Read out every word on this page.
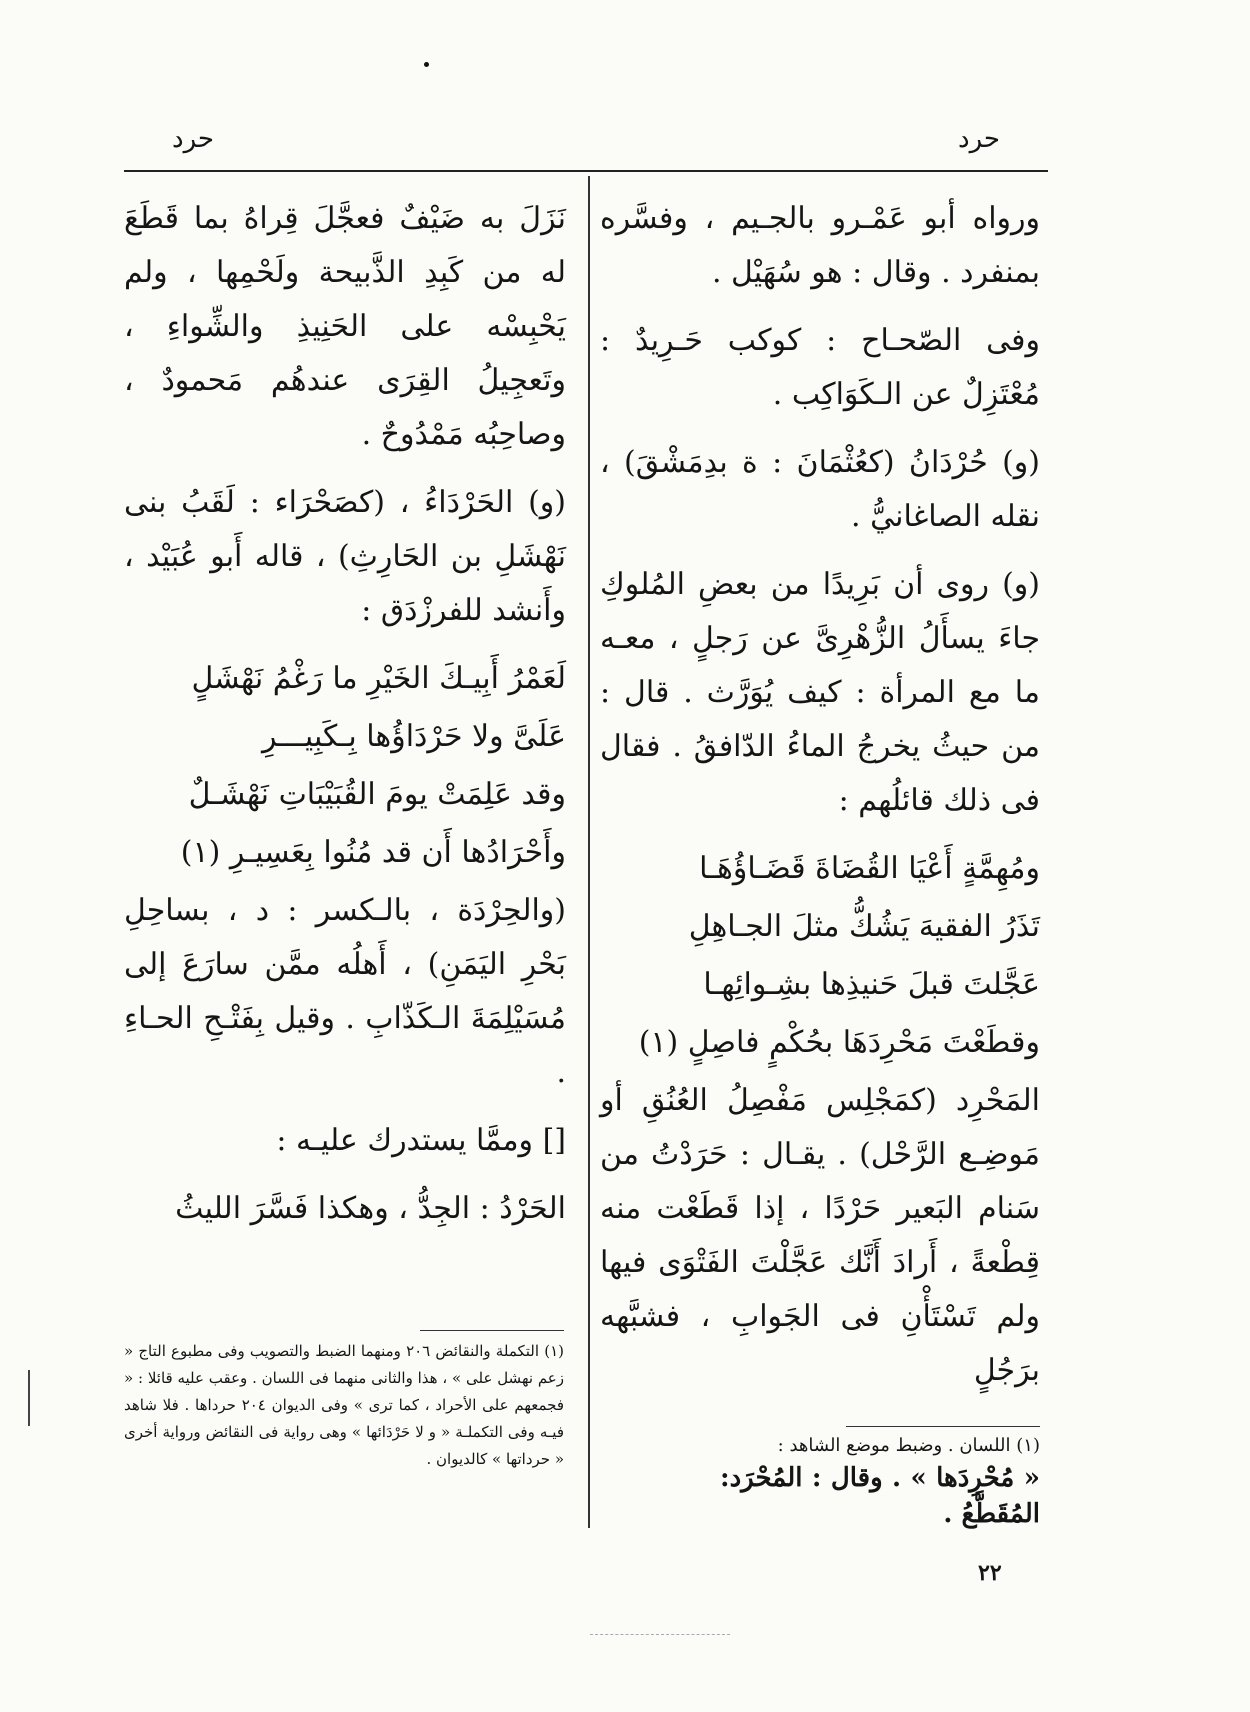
حرد
حرد

ورواه أبو عَمْـرو بالجـيم ، وفسَّره بمنفرد . وقال : هو سُهَيْل .

وفى الصّحـاح : كوكب حَـرِيدٌ : مُعْتَزِلٌ عن الـكَوَاكِب .

(و) حُرْدَانُ (كعُثْمَانَ : ة بدِمَشْقَ) ، نقله الصاغانيُّ .

(و) روى أن بَرِيدًا من بعضِ المُلوكِ جاءَ يسأَلُ الزُّهْرِىَّ عن رَجلٍ ، معـه ما مع المرأة : كيف يُوَرَّث . قال : من حيثُ يخرجُ الماءُ الدّافقُ . فقال فى ذلك قائلُهم :

ومُهِمَّةٍ أَعْيَا القُضَاةَ قَضَـاؤُهَـا

تَذَرُ الفقيهَ يَشُكُّ مثلَ الجـاهِلِ

عَجَّلتَ قبلَ حَنيذِها بشِـوائِهـا

وقطَعْتَ مَحْرِدَهَا بحُكْمٍ فاصِلٍ (١)

المَحْرِد (كمَجْلِس مَفْصِلُ العُنُقِ أو مَوضِـع الرَّحْل) . يقـال : حَرَدْتُ من سَنام البَعير حَرْدًا ، إذا قَطَعْت منه قِطْعةً ، أَرادَ أَنَّك عَجَّلْتَ الفَتْوَى فيها ولم تَسْتَأْنِ فى الجَوابِ ، فشبَّهه برَجُلٍ

نَزَلَ به ضَيْفٌ فعجَّلَ قِراهُ بما قَطَعَ له من كَبِدِ الذَّبيحة ولَحْمِها ، ولم يَحْبِسْه على الحَنِيذِ والشِّواءِ ، وتَعجِيلُ القِرَى عندهُم مَحمودٌ ، وصاحِبُه مَمْدُوحٌ .

(و) الحَرْدَاءُ ، (كصَحْرَاء : لَقَبُ بنى نَهْشَلِ بن الحَارِثِ) ، قاله أَبو عُبَيْد ، وأَنشد للفرزْدَق :

لَعَمْرُ أَبِيـكَ الخَيْرِ ما رَغْمُ نَهْشَلٍ

عَلَىَّ ولا حَرْدَاؤُها بِـكَبِيـــرِ

وقد عَلِمَتْ يومَ القُبَيْبَاتِ نَهْشَـلٌ

وأَحْرَادُها أَن قد مُنُوا بِعَسِيـرِ (١)

(والحِرْدَة ، بالـكسر : د ، بساحِلِ بَحْرِ اليَمَنِ) ، أَهلُه ممَّن سارَعَ إلى مُسَيْلِمَةَ الـكَذّابِ . وقيل بِفَتْـحِ الحـاءِ .

[] وممَّا يستدرك عليـه :

الحَرْدُ : الجِدُّ ، وهكذا فَسَّرَ الليثُ

(١) اللسان . وضبط موضع الشاهد :
« مُحْرِدَها » . وقال : المُحْرَد: المُقَطَّعُ .
(١) التكملة والنقائض ٢٠٦ ومنهما الضبط والتصويب وفى مطبوع التاج « زعم نهشل على » ، هذا والثانى منهما فى اللسان . وعقب عليه قائلا : « فجمعهم على الأحراد ، كما ترى » وفى الديوان ٢٠٤ حرداها . فلا شاهد فيـه وفى التكملـة « و لا حَرْدَائها » وهى رواية فى النقائض ورواية أخرى « حرداتها » كالديوان .
٢٢
